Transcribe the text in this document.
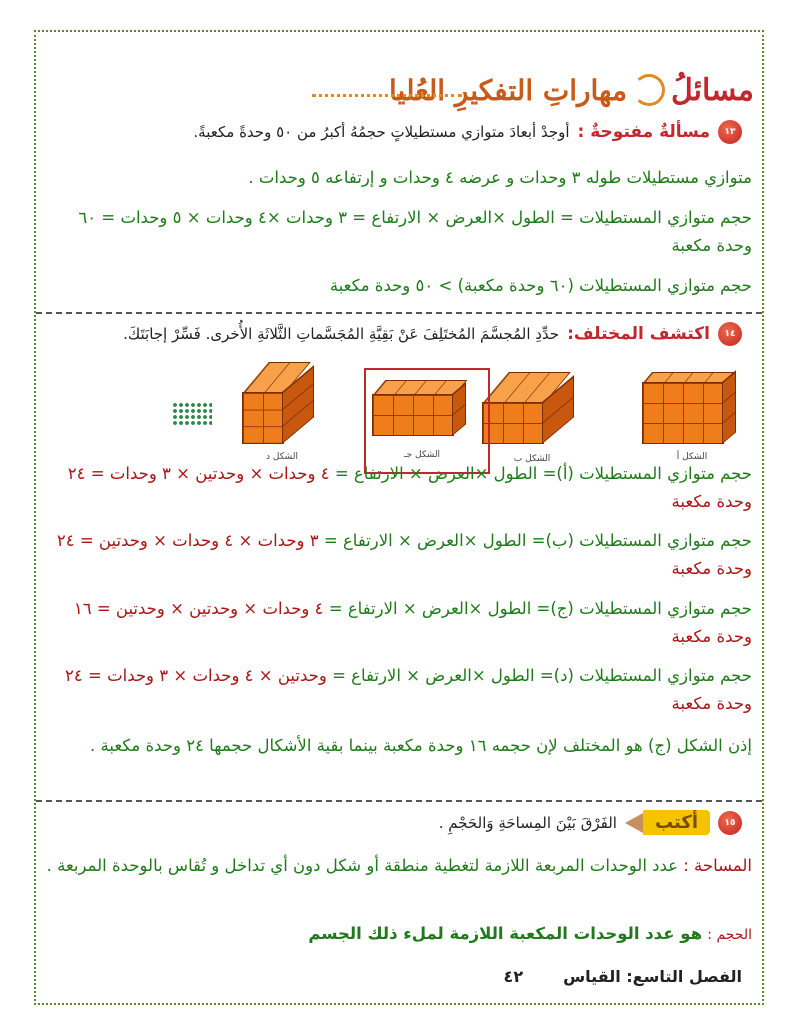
مسائلُ
مهاراتِ التفكيرِ العُليا
١٣
مسألةٌ مفتوحةٌ :
أوجدْ أبعادَ متوازي مستطيلاتٍ حجمُهُ أكبرُ من ٥٠ وحدةً مكعبةً.
متوازي مستطيلات طوله ٣ وحدات و عرضه ٤ وحدات و إرتفاعه ٥ وحدات .
حجم متوازي المستطيلات = الطول ×العرض × الارتفاع = ٣ وحدات ×٤ وحدات × ٥ وحدات = ٦٠ وحدة مكعبة
حجم متوازي المستطيلات (٦٠ وحدة مكعبة) > ٥٠ وحدة مكعبة
١٤
اكتشف المختلف:
حدِّدِ المُجسَّمَ المُختَلِفَ عَنْ بَقِيَّةِ المُجَسَّماتِ الثَّلاثَةِ الأُخرى. فَسِّرْ إجابَتَكَ.
الشكل أ
الشكل ب
الشكل جـ
الشكل د
حجم متوازي المستطيلات (أ)= الطول ×العرض × الارتفاع = ٤ وحدات × وحدتين × ٣ وحدات = ٢٤ وحدة مكعبة
حجم متوازي المستطيلات (ب)= الطول ×العرض × الارتفاع = ٣ وحدات × ٤ وحدات × وحدتين = ٢٤ وحدة مكعبة
حجم متوازي المستطيلات (ج)= الطول ×العرض × الارتفاع = ٤ وحدات × وحدتين × وحدتين = ١٦ وحدة مكعبة
حجم متوازي المستطيلات (د)= الطول ×العرض × الارتفاع = وحدتين × ٤ وحدات × ٣ وحدات = ٢٤ وحدة مكعبة
إذن الشكل (ج) هو المختلف لإن حجمه ١٦ وحدة مكعبة بينما بقية الأشكال حجمها ٢٤ وحدة مكعبة .
١٥
أكتب
الفَرْقَ بَيْنَ المِساحَةِ وَالحَجْمِ .
المساحة : عدد الوحدات المربعة اللازمة لتغطية منطقة أو شكل دون أي تداخل و تُقاس بالوحدة المربعة .
الحجم : هو عدد الوحدات المكعبة اللازمة لملء ذلك الجسم
الفصل التاسع: القياس
٤٢
